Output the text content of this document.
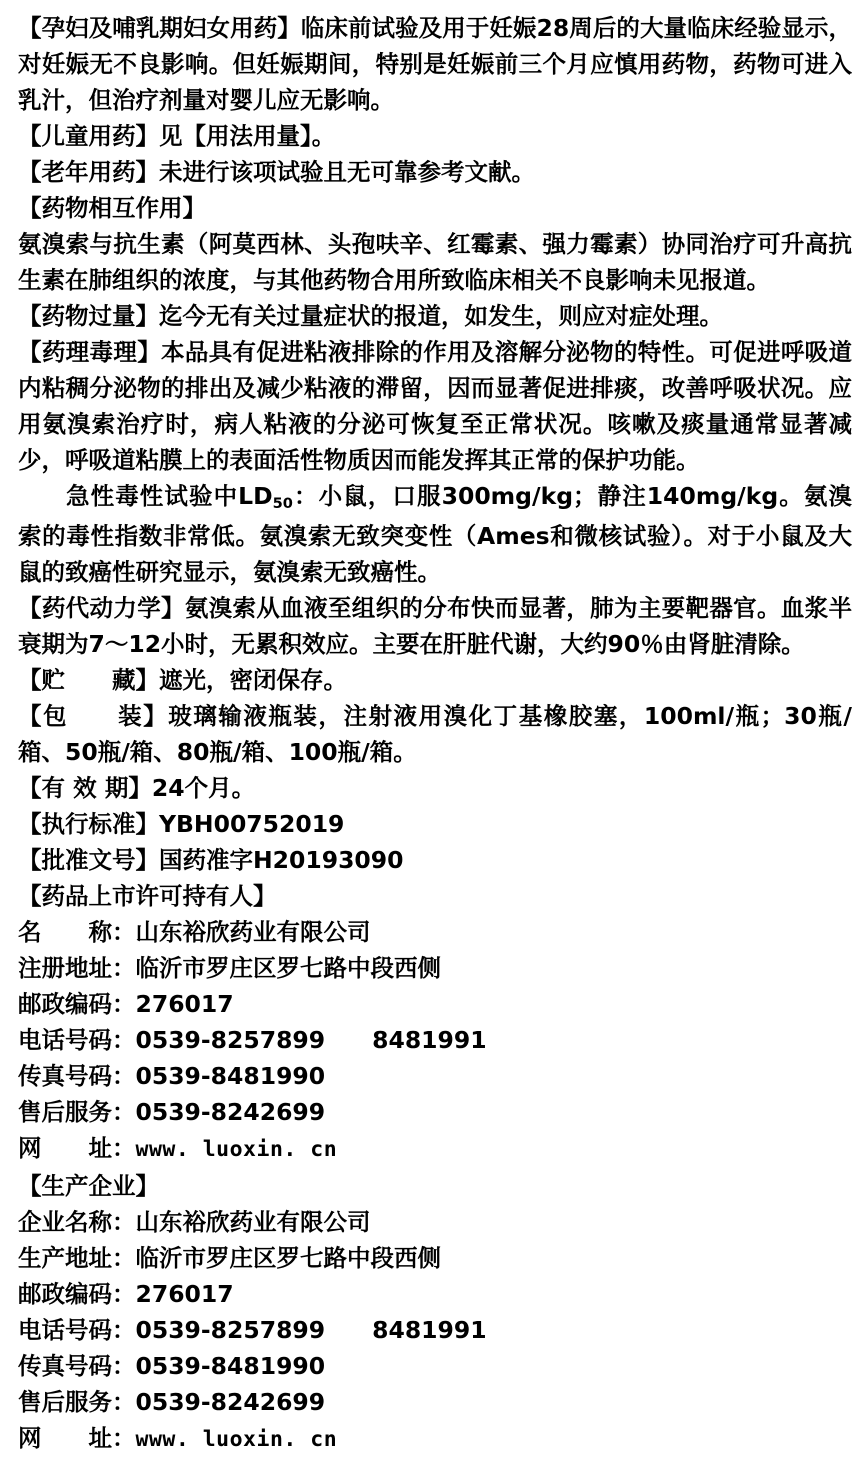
【孕妇及哺乳期妇女用药】临床前试验及用于妊娠28周后的大量临床经验显示，对妊娠无不良影响。但妊娠期间，特别是妊娠前三个月应慎用药物，药物可进入乳汁，但治疗剂量对婴儿应无影响。

【儿童用药】见【用法用量】。

【老年用药】未进行该项试验且无可靠参考文献。

【药物相互作用】

氨溴索与抗生素（阿莫西林、头孢呋辛、红霉素、强力霉素）协同治疗可升高抗生素在肺组织的浓度，与其他药物合用所致临床相关不良影响未见报道。

【药物过量】迄今无有关过量症状的报道，如发生，则应对症处理。

【药理毒理】本品具有促进粘液排除的作用及溶解分泌物的特性。可促进呼吸道内粘稠分泌物的排出及减少粘液的滞留，因而显著促进排痰，改善呼吸状况。应用氨溴索治疗时，病人粘液的分泌可恢复至正常状况。咳嗽及痰量通常显著减少，呼吸道粘膜上的表面活性物质因而能发挥其正常的保护功能。

急性毒性试验中$LD_{50}$：小鼠，口服300mg/kg；静注140mg/kg。氨溴索的毒性指数非常低。氨溴索无致突变性（Ames和微核试验）。对于小鼠及大鼠的致癌性研究显示，氨溴索无致癌性。

【药代动力学】氨溴索从血液至组织的分布快而显著，肺为主要靶器官。血浆半衰期为7～12小时，无累积效应。主要在肝脏代谢，大约90％由肾脏清除。

【贮　　藏】遮光，密闭保存。

【包　　装】玻璃输液瓶装，注射液用溴化丁基橡胶塞，100ml/瓶；30瓶/箱、50瓶/箱、80瓶/箱、100瓶/箱。

【有 效 期】24个月。

【执行标准】YBH00752019

【批准文号】国药准字H20193090

【药品上市许可持有人】

名　　称：山东裕欣药业有限公司

注册地址：临沂市罗庄区罗七路中段西侧

邮政编码：276017

电话号码：0539-8257899　　8481991

传真号码：0539-8481990

售后服务：0539-8242699

网　　址：www. luoxin. cn

【生产企业】

企业名称：山东裕欣药业有限公司

生产地址：临沂市罗庄区罗七路中段西侧

邮政编码：276017

电话号码：0539-8257899　　8481991

传真号码：0539-8481990

售后服务：0539-8242699

网　　址：www. luoxin. cn
